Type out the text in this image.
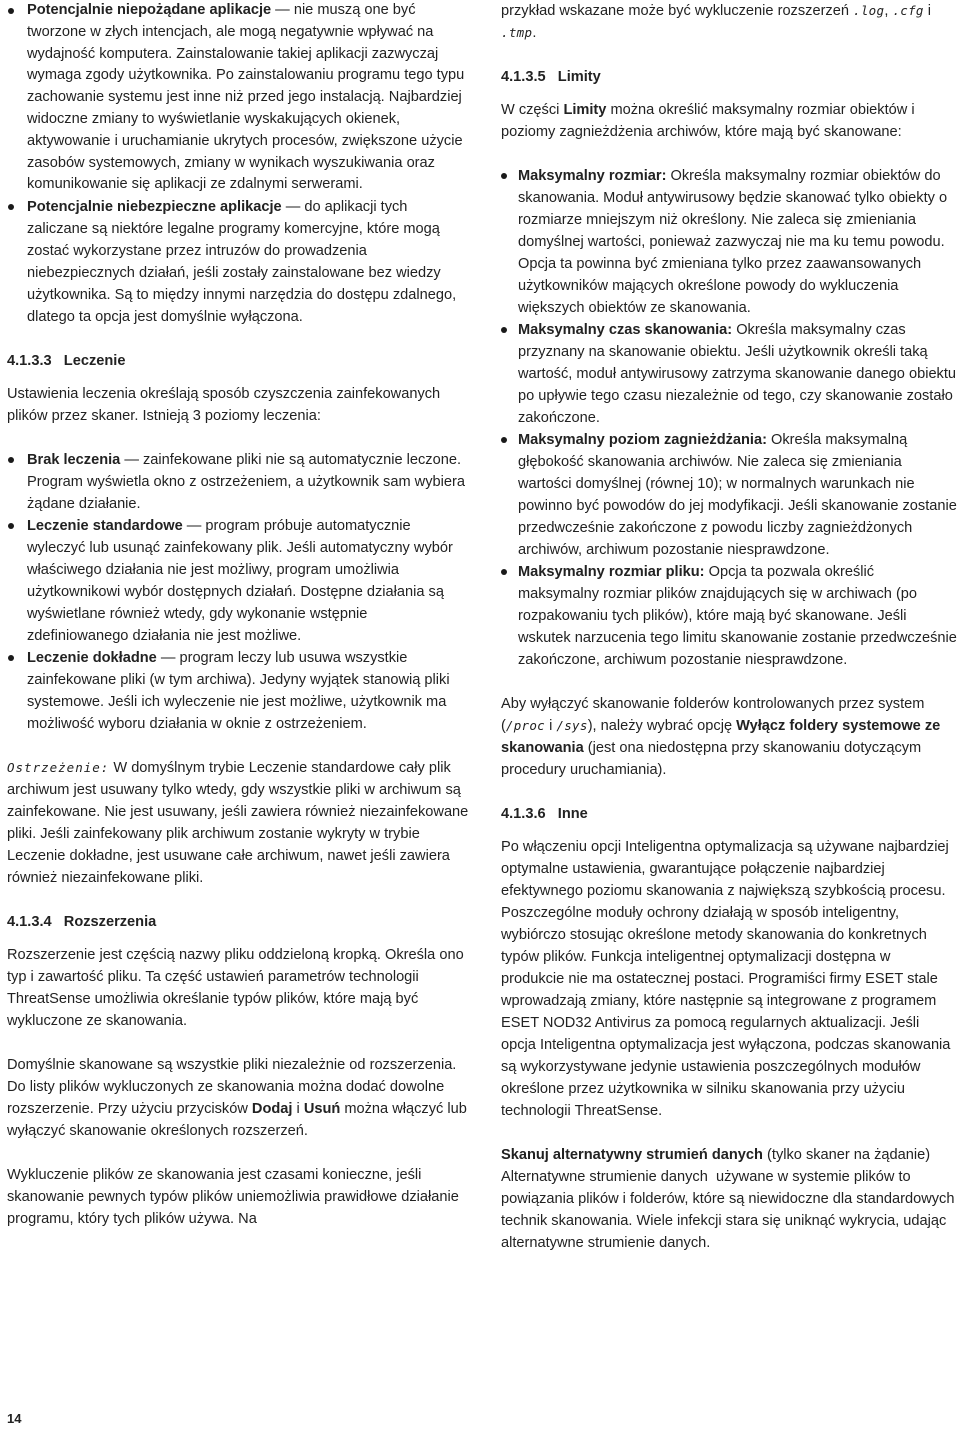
Potencjalnie niepożądane aplikacje — nie muszą one być tworzone w złych intencjach, ale mogą negatywnie wpływać na wydajność komputera. Zainstalowanie takiej aplikacji zazwyczaj wymaga zgody użytkownika. Po zainstalowaniu programu tego typu zachowanie systemu jest inne niż przed jego instalacją. Najbardziej widoczne zmiany to wyświetlanie wyskakujących okienek, aktywowanie i uruchamianie ukrytych procesów, zwiększone użycie zasobów systemowych, zmiany w wynikach wyszukiwania oraz komunikowanie się aplikacji ze zdalnymi serwerami.
Potencjalnie niebezpieczne aplikacje — do aplikacji tych zaliczane są niektóre legalne programy komercyjne, które mogą zostać wykorzystane przez intruzów do prowadzenia niebezpiecznych działań, jeśli zostały zainstalowane bez wiedzy użytkownika. Są to między innymi narzędzia do dostępu zdalnego, dlatego ta opcja jest domyślnie wyłączona.

4.1.3.3   Leczenie

Ustawienia leczenia określają sposób czyszczenia zainfekowanych plików przez skaner. Istnieją 3 poziomy leczenia:

Brak leczenia — zainfekowane pliki nie są automatycznie leczone. Program wyświetla okno z ostrzeżeniem, a użytkownik sam wybiera żądane działanie.
Leczenie standardowe — program próbuje automatycznie wyleczyć lub usunąć zainfekowany plik. Jeśli automatyczny wybór właściwego działania nie jest możliwy, program umożliwia użytkownikowi wybór dostępnych działań. Dostępne działania są wyświetlane również wtedy, gdy wykonanie wstępnie zdefiniowanego działania nie jest możliwe.
Leczenie dokładne — program leczy lub usuwa wszystkie zainfekowane pliki (w tym archiwa). Jedyny wyjątek stanowią pliki systemowe. Jeśli ich wyleczenie nie jest możliwe, użytkownik ma możliwość wyboru działania w oknie z ostrzeżeniem.

Ostrzeżenie: W domyślnym trybie Leczenie standardowe cały plik archiwum jest usuwany tylko wtedy, gdy wszystkie pliki w archiwum są zainfekowane. Nie jest usuwany, jeśli zawiera również niezainfekowane pliki. Jeśli zainfekowany plik archiwum zostanie wykryty w trybie Leczenie dokładne, jest usuwane całe archiwum, nawet jeśli zawiera również niezainfekowane pliki.

4.1.3.4   Rozszerzenia

Rozszerzenie jest częścią nazwy pliku oddzieloną kropką. Określa ono typ i zawartość pliku. Ta część ustawień parametrów technologii ThreatSense umożliwia określanie typów plików, które mają być wykluczone ze skanowania.

Domyślnie skanowane są wszystkie pliki niezależnie od rozszerzenia. Do listy plików wykluczonych ze skanowania można dodać dowolne rozszerzenie. Przy użyciu przycisków Dodaj i Usuń można włączyć lub wyłączyć skanowanie określonych rozszerzeń.

Wykluczenie plików ze skanowania jest czasami konieczne, jeśli skanowanie pewnych typów plików uniemożliwia prawidłowe działanie programu, który tych plików używa. Na

przykład wskazane może być wykluczenie rozszerzeń .log, .cfg i .tmp.

4.1.3.5   Limity

W części Limity można określić maksymalny rozmiar obiektów i poziomy zagnieżdżenia archiwów, które mają być skanowane:

Maksymalny rozmiar: Określa maksymalny rozmiar obiektów do skanowania. Moduł antywirusowy będzie skanować tylko obiekty o rozmiarze mniejszym niż określony. Nie zaleca się zmieniania domyślnej wartości, ponieważ zazwyczaj nie ma ku temu powodu. Opcja ta powinna być zmieniana tylko przez zaawansowanych użytkowników mających określone powody do wykluczenia większych obiektów ze skanowania.
Maksymalny czas skanowania: Określa maksymalny czas przyznany na skanowanie obiektu. Jeśli użytkownik określi taką wartość, moduł antywirusowy zatrzyma skanowanie danego obiektu po upływie tego czasu niezależnie od tego, czy skanowanie zostało zakończone.
Maksymalny poziom zagnieżdżania: Określa maksymalną głębokość skanowania archiwów. Nie zaleca się zmieniania wartości domyślnej (równej 10); w normalnych warunkach nie powinno być powodów do jej modyfikacji. Jeśli skanowanie zostanie przedwcześnie zakończone z powodu liczby zagnieżdżonych archiwów, archiwum pozostanie niesprawdzone.
Maksymalny rozmiar pliku: Opcja ta pozwala określić maksymalny rozmiar plików znajdujących się w archiwach (po rozpakowaniu tych plików), które mają być skanowane. Jeśli wskutek narzucenia tego limitu skanowanie zostanie przedwcześnie zakończone, archiwum pozostanie niesprawdzone.

Aby wyłączyć skanowanie folderów kontrolowanych przez system (/proc i /sys), należy wybrać opcję Wyłącz foldery systemowe ze skanowania (jest ona niedostępna przy skanowaniu dotyczącym procedury uruchamiania).

4.1.3.6   Inne

Po włączeniu opcji Inteligentna optymalizacja są używane najbardziej optymalne ustawienia, gwarantujące połączenie najbardziej efektywnego poziomu skanowania z największą szybkością procesu. Poszczególne moduły ochrony działają w sposób inteligentny, wybiórczo stosując określone metody skanowania do konkretnych typów plików. Funkcja inteligentnej optymalizacji dostępna w produkcie nie ma ostatecznej postaci. Programiści firmy ESET stale wprowadzają zmiany, które następnie są integrowane z programem ESET NOD32 Antivirus za pomocą regularnych aktualizacji. Jeśli opcja Inteligentna optymalizacja jest wyłączona, podczas skanowania są wykorzystywane jedynie ustawienia poszczególnych modułów określone przez użytkownika w silniku skanowania przy użyciu technologii ThreatSense.

Skanuj alternatywny strumień danych (tylko skaner na żądanie)

Alternatywne strumienie danych  używane w systemie plików to powiązania plików i folderów, które są niewidoczne dla standardowych technik skanowania. Wiele infekcji stara się uniknąć wykrycia, udając alternatywne strumienie danych.

14
